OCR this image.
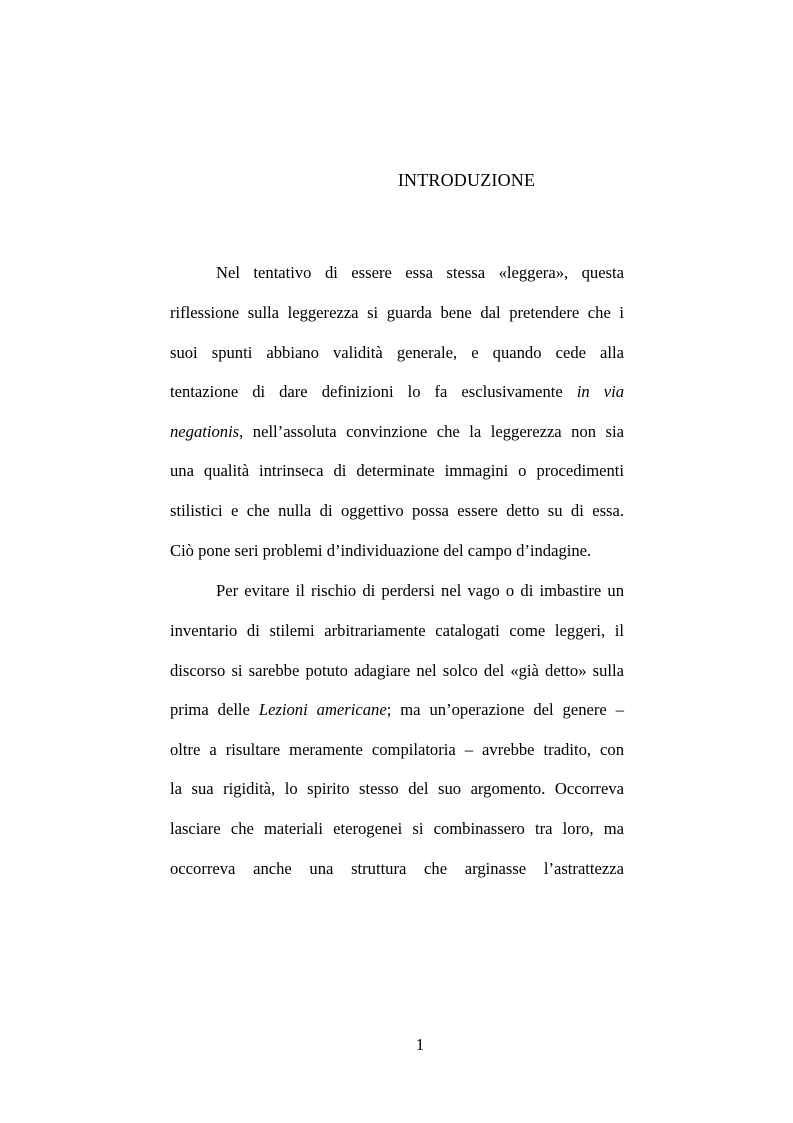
INTRODUZIONE

Nel tentativo di essere essa stessa «leggera», questa

riflessione sulla leggerezza si guarda bene dal pretendere che i

suoi spunti abbiano validità generale, e quando cede alla

tentazione di dare definizioni lo fa esclusivamente in via

negationis, nell’assoluta convinzione che la leggerezza non sia

una qualità intrinseca di determinate immagini o procedimenti

stilistici e che nulla di oggettivo possa essere detto su di essa.

Ciò pone seri problemi d’individuazione del campo d’indagine.

Per evitare il rischio di perdersi nel vago o di imbastire un

inventario di stilemi arbitrariamente catalogati come leggeri, il

discorso si sarebbe potuto adagiare nel solco del «già detto» sulla

prima delle Lezioni americane; ma un’operazione del genere –

oltre a risultare meramente compilatoria – avrebbe tradito, con

la sua rigidità, lo spirito stesso del suo argomento. Occorreva

lasciare che materiali eterogenei si combinassero tra loro, ma

occorreva anche una struttura che arginasse l’astrattezza

1
